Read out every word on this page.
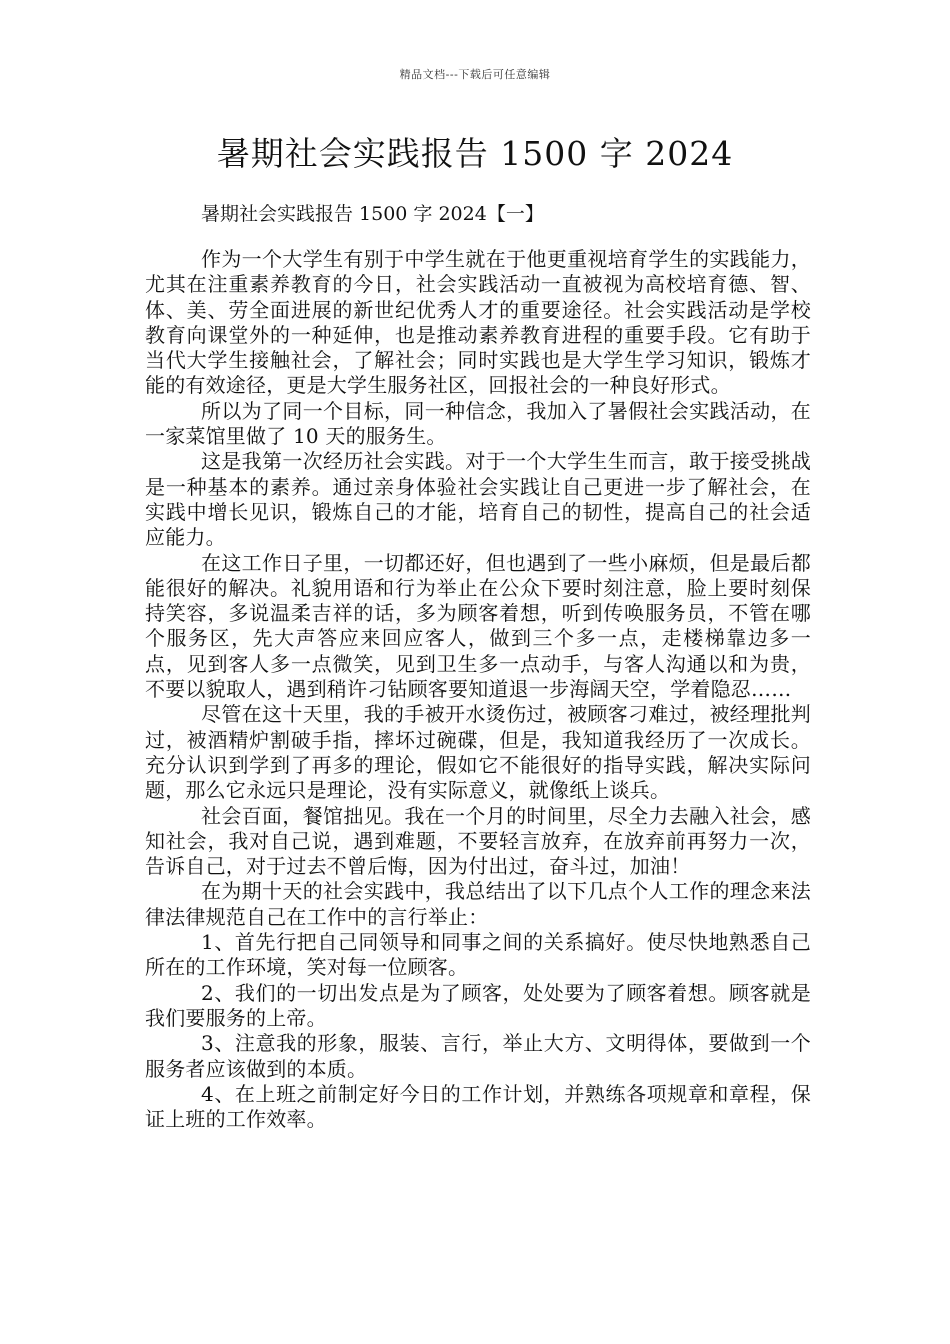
精品文档---下载后可任意编辑
暑期社会实践报告 1500 字 2024
暑期社会实践报告 1500 字 2024【一】

作为一个大学生有别于中学生就在于他更重视培育学生的实践能力，尤其在注重素养教育的今日，社会实践活动一直被视为高校培育德、智、体、美、劳全面进展的新世纪优秀人才的重要途径。社会实践活动是学校教育向课堂外的一种延伸，也是推动素养教育进程的重要手段。它有助于当代大学生接触社会，了解社会；同时实践也是大学生学习知识，锻炼才能的有效途径，更是大学生服务社区，回报社会的一种良好形式。

所以为了同一个目标，同一种信念，我加入了暑假社会实践活动，在一家菜馆里做了 10 天的服务生。

这是我第一次经历社会实践。对于一个大学生生而言，敢于接受挑战是一种基本的素养。通过亲身体验社会实践让自己更进一步了解社会，在实践中增长见识，锻炼自己的才能，培育自己的韧性，提高自己的社会适应能力。

在这工作日子里，一切都还好，但也遇到了一些小麻烦，但是最后都能很好的解决。礼貌用语和行为举止在公众下要时刻注意，脸上要时刻保持笑容，多说温柔吉祥的话，多为顾客着想，听到传唤服务员，不管在哪个服务区，先大声答应来回应客人，做到三个多一点，走楼梯靠边多一点，见到客人多一点微笑，见到卫生多一点动手，与客人沟通以和为贵，不要以貌取人，遇到稍许刁钻顾客要知道退一步海阔天空，学着隐忍……

尽管在这十天里，我的手被开水烫伤过，被顾客刁难过，被经理批判过，被酒精炉割破手指，摔坏过碗碟，但是，我知道我经历了一次成长。充分认识到学到了再多的理论，假如它不能很好的指导实践，解决实际问题，那么它永远只是理论，没有实际意义，就像纸上谈兵。

社会百面，餐馆拙见。我在一个月的时间里，尽全力去融入社会，感知社会，我对自己说，遇到难题，不要轻言放弃，在放弃前再努力一次，告诉自己，对于过去不曾后悔，因为付出过，奋斗过，加油！

在为期十天的社会实践中，我总结出了以下几点个人工作的理念来法律法律规范自己在工作中的言行举止：

1、首先行把自己同领导和同事之间的关系搞好。使尽快地熟悉自己所在的工作环境，笑对每一位顾客。

2、我们的一切出发点是为了顾客，处处要为了顾客着想。顾客就是我们要服务的上帝。

3、注意我的形象，服装、言行，举止大方、文明得体，要做到一个服务者应该做到的本质。

4、在上班之前制定好今日的工作计划，并熟练各项规章和章程，保证上班的工作效率。
